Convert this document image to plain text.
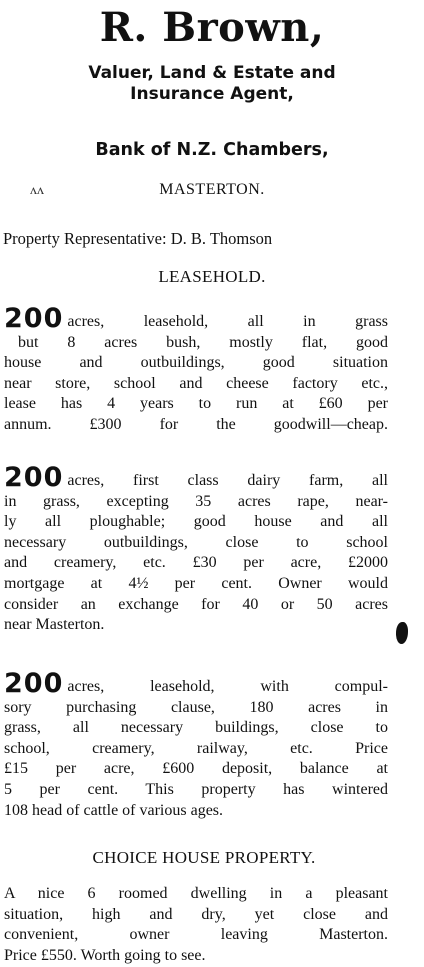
R. Brown,
Valuer, Land & Estate and
Insurance Agent,
Bank of N.Z. Chambers,
ʌʌ	MASTERTON.
Property Representative: D. B. Thomson
LEASEHOLD.
200 acres, leasehold, all in grass
but 8 acres bush, mostly flat, good
house and outbuildings, good situation
near store, school and cheese factory etc.,
lease has 4 years to run at £60 per
annum. £300 for the goodwill—cheap.
200 acres, first class dairy farm, all
in grass, excepting 35 acres rape, near-
ly all ploughable; good house and all
necessary outbuildings, close to school
and creamery, etc. £30 per acre, £2000
mortgage at 4½ per cent. Owner would
consider an exchange for 40 or 50 acres
near Masterton.
200 acres, leasehold, with compul-
sory purchasing clause, 180 acres in
grass, all necessary buildings, close to
school, creamery, railway, etc. Price
£15 per acre, £600 deposit, balance at
5 per cent. This property has wintered
108 head of cattle of various ages.
CHOICE HOUSE PROPERTY.
A nice 6 roomed dwelling in a pleasant
situation, high and dry, yet close and
convenient, owner leaving Masterton.
Price £550. Worth going to see.
